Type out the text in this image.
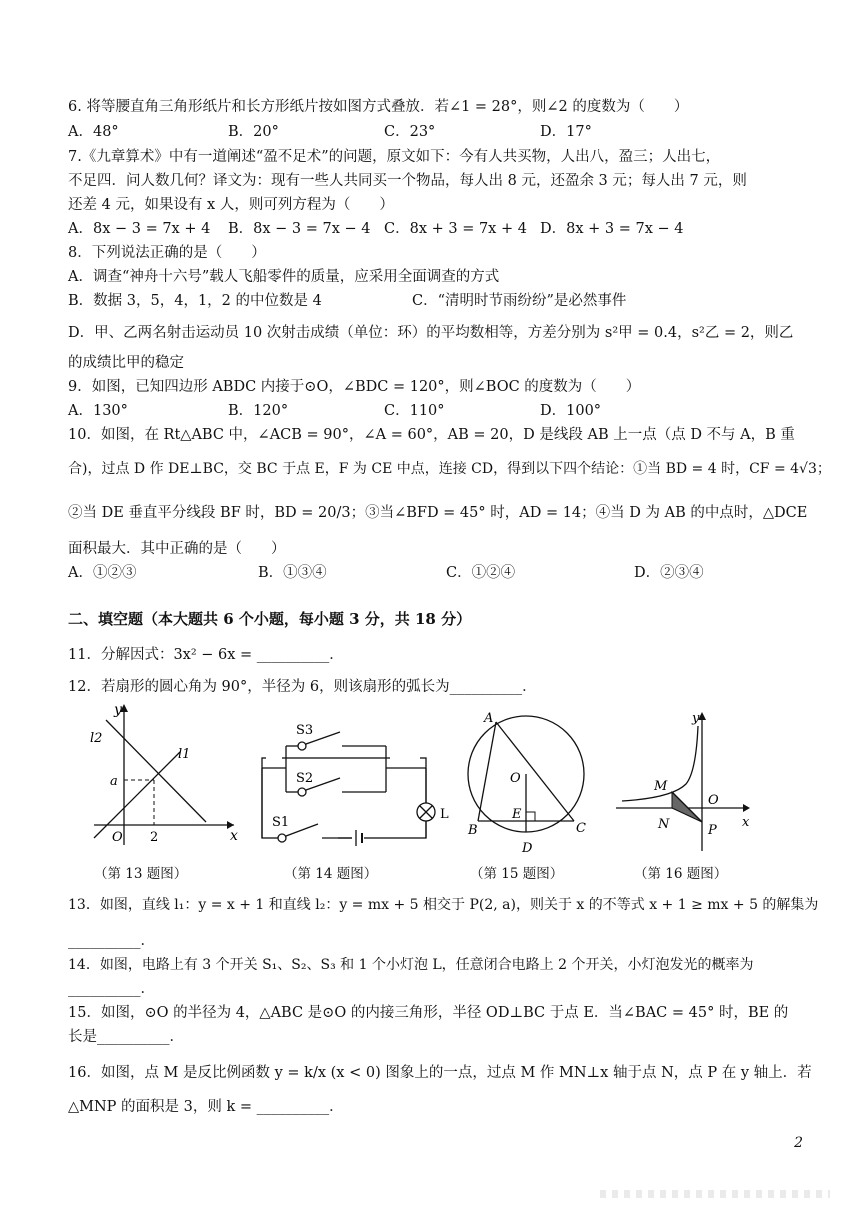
6. 将等腰直角三角形纸片和长方形纸片按如图方式叠放．若∠1 = 28°，则∠2 的度数为（　　）
A．48°	B．20°	C．23°	D．17°
7.《九章算术》中有一道阐述“盈不足术”的问题，原文如下：今有人共买物，人出八，盈三；人出七，
不足四．问人数几何？译文为：现有一些人共同买一个物品，每人出 8 元，还盈余 3 元；每人出 7 元，则
还差 4 元，如果设有 x 人，则可列方程为（　　）
A．8x − 3 = 7x + 4 B．8x − 3 = 7x − 4 C．8x + 3 = 7x + 4 D．8x + 3 = 7x − 4
8．下列说法正确的是（　　）
A．调查“神舟十六号”载人飞船零件的质量，应采用全面调查的方式
B．数据 3，5，4，1，2 的中位数是 4	C．“清明时节雨纷纷”是必然事件
D．甲、乙两名射击运动员 10 次射击成绩（单位：环）的平均数相等，方差分别为 s²甲 = 0.4，s²乙 = 2，则乙
的成绩比甲的稳定
9．如图，已知四边形 ABDC 内接于⊙O，∠BDC = 120°，则∠BOC 的度数为（　　）
A．130°	B．120°	C．110°	D．100°
10．如图，在 Rt△ABC 中，∠ACB = 90°，∠A = 60°，AB = 20，D 是线段 AB 上一点（点 D 不与 A，B 重
合)，过点 D 作 DE⊥BC，交 BC 于点 E，F 为 CE 中点，连接 CD，得到以下四个结论：①当 BD = 4 时，CF = 4√3；
②当 DE 垂直平分线段 BF 时，BD = 20/3；③当∠BFD = 45° 时，AD = 14；④当 D 为 AB 的中点时，△DCE
面积最大．其中正确的是（　　）
A．①②③	B．①③④	C．①②④	D．②③④
二、填空题（本大题共 6 个小题，每小题 3 分，共 18 分）
11．分解因式：3x² − 6x = __________．
12．若扇形的圆心角为 90°，半径为 6，则该扇形的弧长为__________．
y
x
l2
l1
a
O 2
S3
S2
S1
L
A
O
E
B	C
D
y
x
M
O
N	P
（第 13 题图）	（第 14 题图）	（第 15 题图）	（第 16 题图）
13．如图，直线 l₁：y = x + 1 和直线 l₂：y = mx + 5 相交于 P(2, a)，则关于 x 的不等式 x + 1 ≥ mx + 5 的解集为
__________．
14．如图，电路上有 3 个开关 S₁、S₂、S₃ 和 1 个小灯泡 L，任意闭合电路上 2 个开关，小灯泡发光的概率为
__________．
15．如图，⊙O 的半径为 4，△ABC 是⊙O 的内接三角形，半径 OD⊥BC 于点 E．当∠BAC = 45° 时，BE 的
长是__________．
16．如图，点 M 是反比例函数 y = k/x (x < 0) 图象上的一点，过点 M 作 MN⊥x 轴于点 N，点 P 在 y 轴上．若
△MNP 的面积是 3，则 k = __________．
2
